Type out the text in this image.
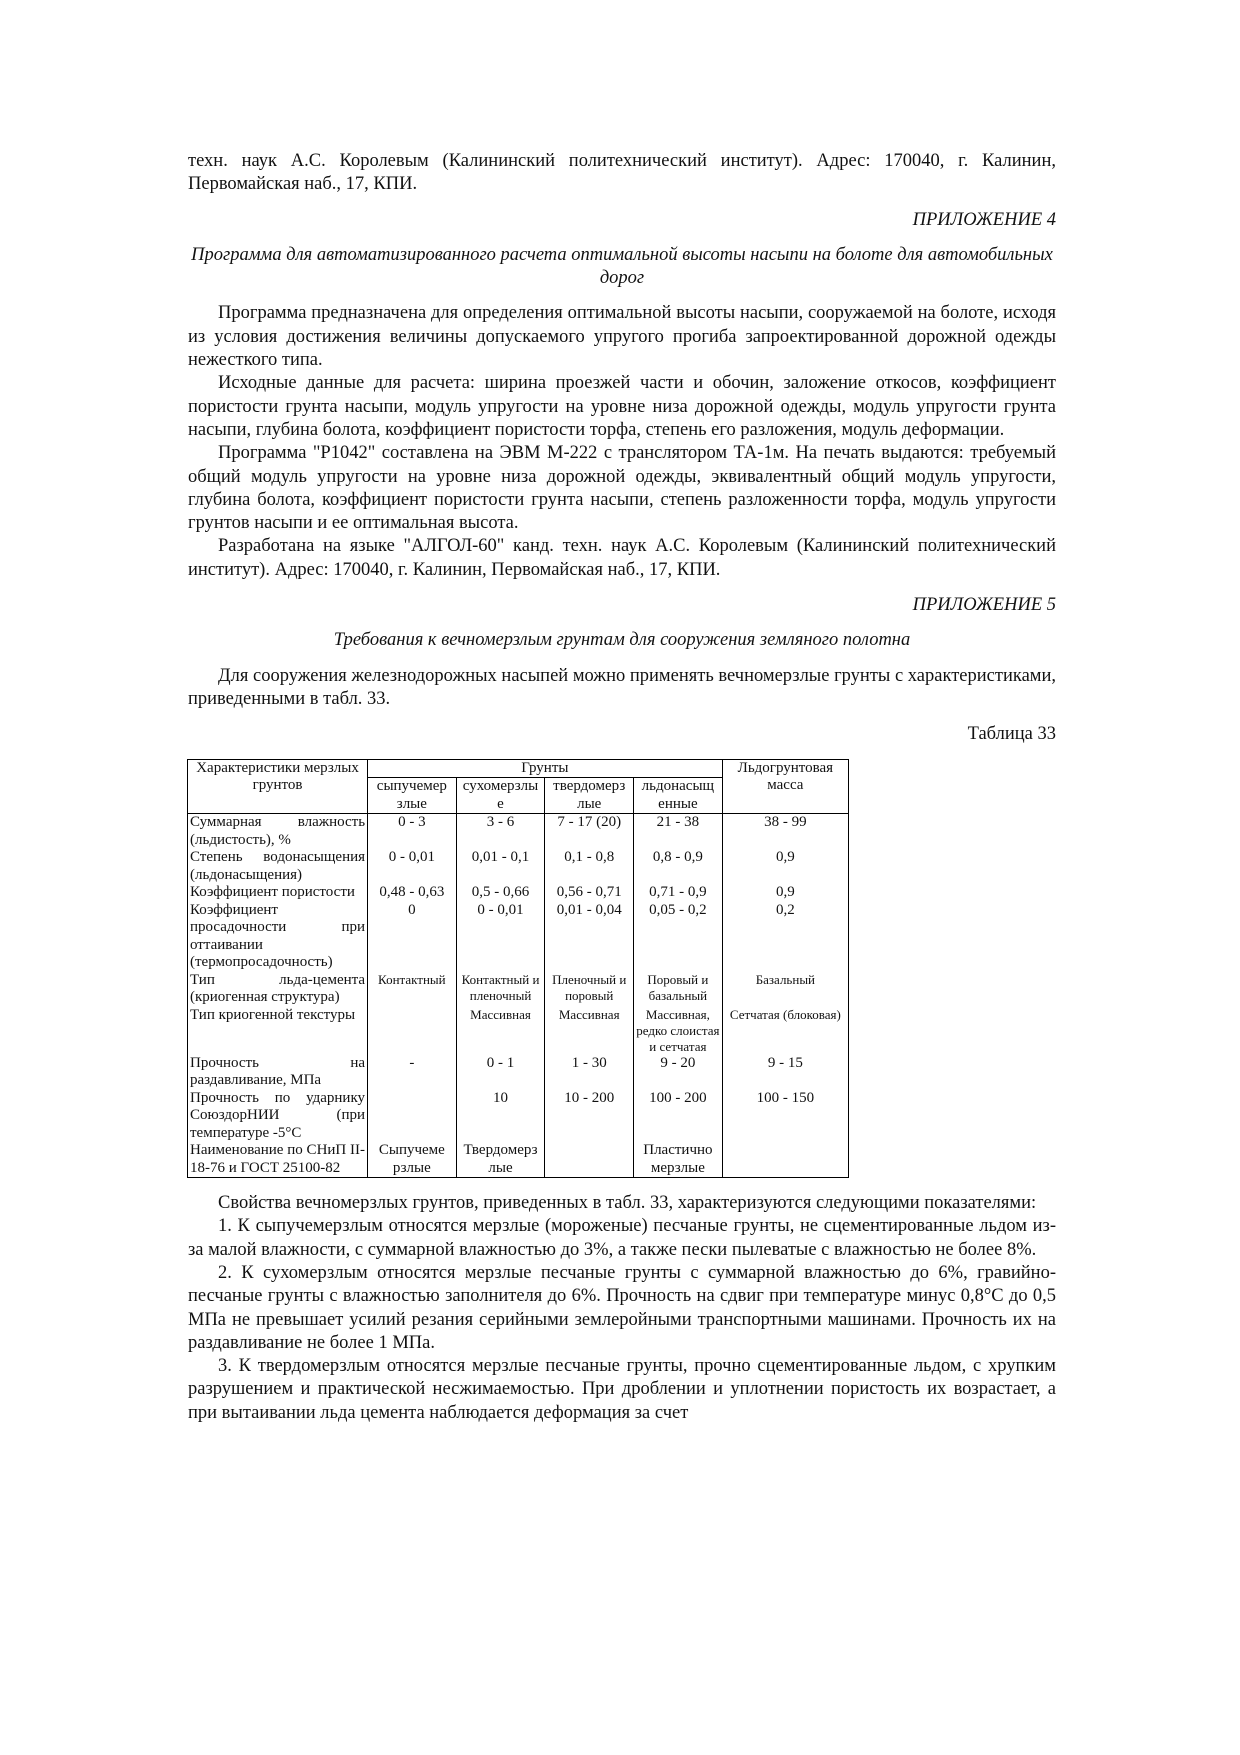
техн. наук А.С. Королевым (Калининский политехнический институт). Адрес: 170040, г. Калинин, Первомайская наб., 17, КПИ.

ПРИЛОЖЕНИЕ 4

Программа для автоматизированного расчета оптимальной высоты насыпи на болоте для автомобильных дорог

Программа предназначена для определения оптимальной высоты насыпи, сооружаемой на болоте, исходя из условия достижения величины допускаемого упругого прогиба запроектированной дорожной одежды нежесткого типа.

Исходные данные для расчета: ширина проезжей части и обочин, заложение откосов, коэффициент пористости грунта насыпи, модуль упругости на уровне низа дорожной одежды, модуль упругости грунта насыпи, глубина болота, коэффициент пористости торфа, степень его разложения, модуль деформации.

Программа "Р1042" составлена на ЭВМ М-222 с транслятором ТА-1м. На печать выдаются: требуемый общий модуль упругости на уровне низа дорожной одежды, эквивалентный общий модуль упругости, глубина болота, коэффициент пористости грунта насыпи, степень разложенности торфа, модуль упругости грунтов насыпи и ее оптимальная высота.

Разработана на языке "АЛГОЛ-60" канд. техн. наук А.С. Королевым (Калининский политехнический институт). Адрес: 170040, г. Калинин, Первомайская наб., 17, КПИ.

ПРИЛОЖЕНИЕ 5

Требования к вечномерзлым грунтам для сооружения земляного полотна

Для сооружения железнодорожных насыпей можно применять вечномерзлые грунты с характеристиками, приведенными в табл. 33.

Таблица 33

Характеристики мерзлых грунтов	Грунты				Льдогрунтовая масса
	сыпучемер злые	сухомерзлы е	твердомерз лые	льдонасыщ енные	
Суммарная влажность (льдистость), %	0 - 3	3 - 6	7 - 17 (20)	21 - 38	38 - 99
Степень водонасыщения (льдонасыщения)	0 - 0,01	0,01 - 0,1	0,1 - 0,8	0,8 - 0,9	0,9
Коэффициент пористости	0,48 - 0,63	0,5 - 0,66	0,56 - 0,71	0,71 - 0,9	0,9
Коэффициент просадочности при оттаивании (термопросадочность)	0	0 - 0,01	0,01 - 0,04	0,05 - 0,2	0,2
Тип льда-цемента (криогенная структура)	Контактный	Контактный и пленочный	Пленочный и поровый	Поровый и базальный	Базальный
Тип криогенной текстуры		Массивная	Массивная	Массивная, редко слоистая и сетчатая	Сетчатая (блоковая)
Прочность на раздавливание, МПа	-	0 - 1	1 - 30	9 - 20	9 - 15
Прочность по ударнику СоюздорНИИ (при температуре -5°С		10	10 - 200	100 - 200	100 - 150
Наименование по СНиП II-18-76 и ГОСТ 25100-82	Сыпучеме рзлые	Твердомерз лые		Пластично мерзлые	

Свойства вечномерзлых грунтов, приведенных в табл. 33, характеризуются следующими показателями:

1. К сыпучемерзлым относятся мерзлые (мороженые) песчаные грунты, не сцементированные льдом из-за малой влажности, с суммарной влажностью до 3%, а также пески пылеватые с влажностью не более 8%.

2. К сухомерзлым относятся мерзлые песчаные грунты с суммарной влажностью до 6%, гравийно-песчаные грунты с влажностью заполнителя до 6%. Прочность на сдвиг при температуре минус 0,8°С до 0,5 МПа не превышает усилий резания серийными землеройными транспортными машинами. Прочность их на раздавливание не более 1 МПа.

3. К твердомерзлым относятся мерзлые песчаные грунты, прочно сцементированные льдом, с хрупким разрушением и практической несжимаемостью. При дроблении и уплотнении пористость их возрастает, а при вытаивании льда цемента наблюдается деформация за счет
